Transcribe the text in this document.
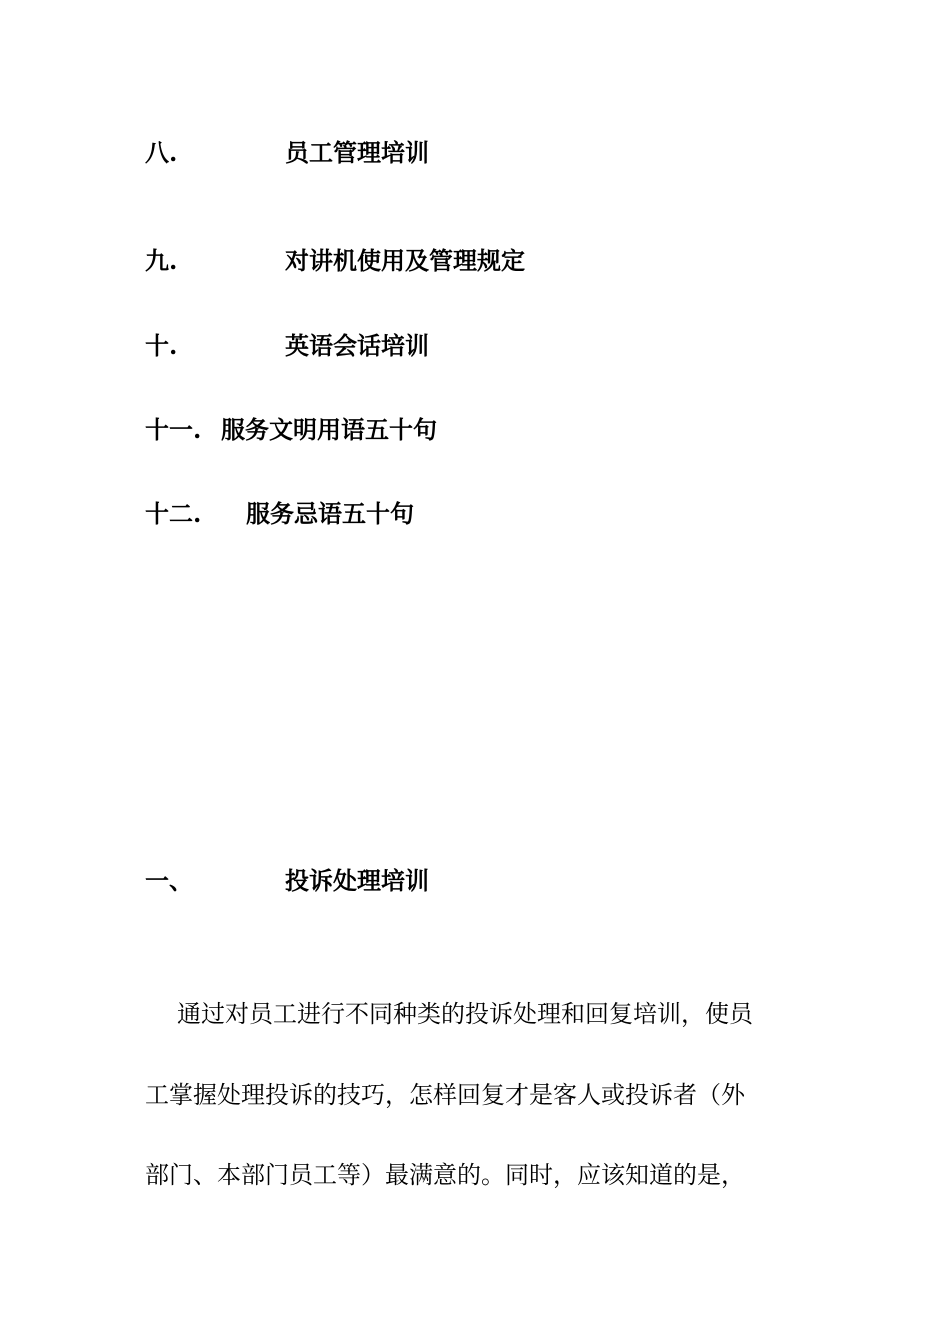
八.	员工管理培训
九.	对讲机使用及管理规定
十.	英语会话培训
十一. 服务文明用语五十句
十二. 服务忌语五十句
一、	投诉处理培训
通过对员工进行不同种类的投诉处理和回复培训，使员
工掌握处理投诉的技巧，怎样回复才是客人或投诉者（外
部门、本部门员工等）最满意的。同时，应该知道的是，
